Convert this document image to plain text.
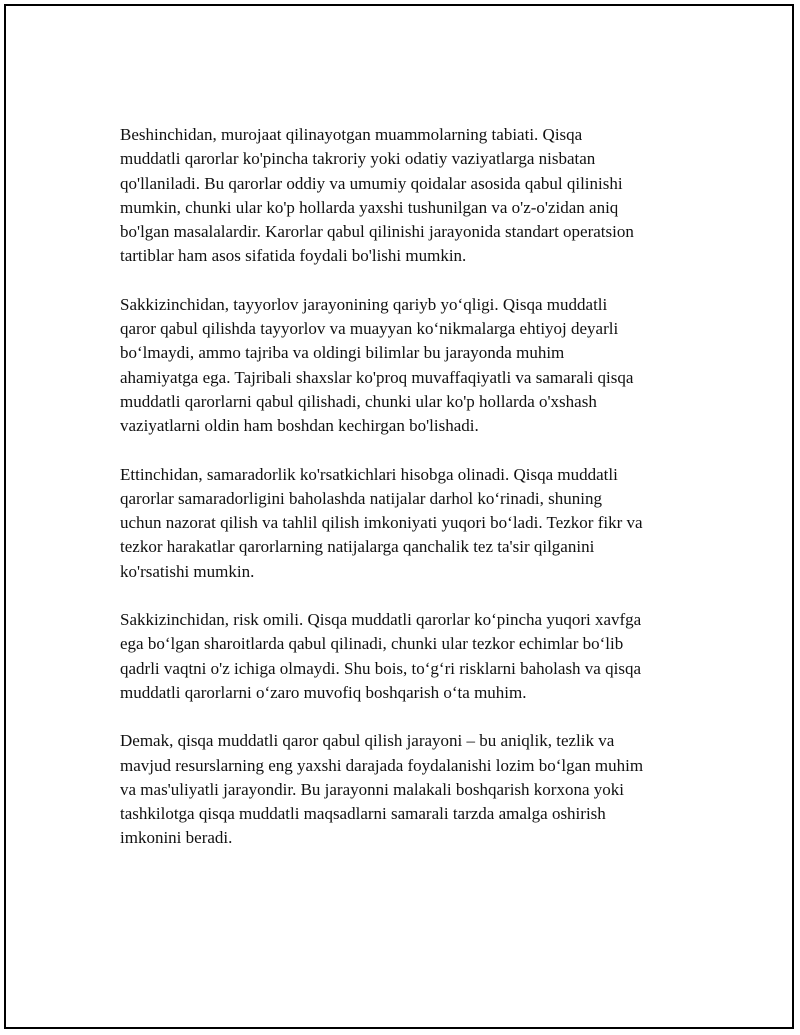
Beshinchidan, murojaat qilinayotgan muammolarning tabiati. Qisqa
muddatli qarorlar ko'pincha takroriy yoki odatiy vaziyatlarga nisbatan
qo'llaniladi. Bu qarorlar oddiy va umumiy qoidalar asosida qabul qilinishi
mumkin, chunki ular ko'p hollarda yaxshi tushunilgan va o'z-o'zidan aniq
bo'lgan masalalardir. Karorlar qabul qilinishi jarayonida standart operatsion
tartiblar ham asos sifatida foydali bo'lishi mumkin.

Sakkizinchidan, tayyorlov jarayonining qariyb yo‘qligi. Qisqa muddatli
qaror qabul qilishda tayyorlov va muayyan ko‘nikmalarga ehtiyoj deyarli
bo‘lmaydi, ammo tajriba va oldingi bilimlar bu jarayonda muhim
ahamiyatga ega. Tajribali shaxslar ko'proq muvaffaqiyatli va samarali qisqa
muddatli qarorlarni qabul qilishadi, chunki ular ko'p hollarda o'xshash
vaziyatlarni oldin ham boshdan kechirgan bo'lishadi.

Ettinchidan, samaradorlik ko'rsatkichlari hisobga olinadi. Qisqa muddatli
qarorlar samaradorligini baholashda natijalar darhol ko‘rinadi, shuning
uchun nazorat qilish va tahlil qilish imkoniyati yuqori bo‘ladi. Tezkor fikr va
tezkor harakatlar qarorlarning natijalarga qanchalik tez ta'sir qilganini
ko'rsatishi mumkin.

Sakkizinchidan, risk omili. Qisqa muddatli qarorlar ko‘pincha yuqori xavfga
ega bo‘lgan sharoitlarda qabul qilinadi, chunki ular tezkor echimlar bo‘lib
qadrli vaqtni o'z ichiga olmaydi. Shu bois, to‘g‘ri risklarni baholash va qisqa
muddatli qarorlarni o‘zaro muvofiq boshqarish o‘ta muhim.

Demak, qisqa muddatli qaror qabul qilish jarayoni – bu aniqlik, tezlik va
mavjud resurslarning eng yaxshi darajada foydalanishi lozim bo‘lgan muhim
va mas'uliyatli jarayondir. Bu jarayonni malakali boshqarish korxona yoki
tashkilotga qisqa muddatli maqsadlarni samarali tarzda amalga oshirish
imkonini beradi.
